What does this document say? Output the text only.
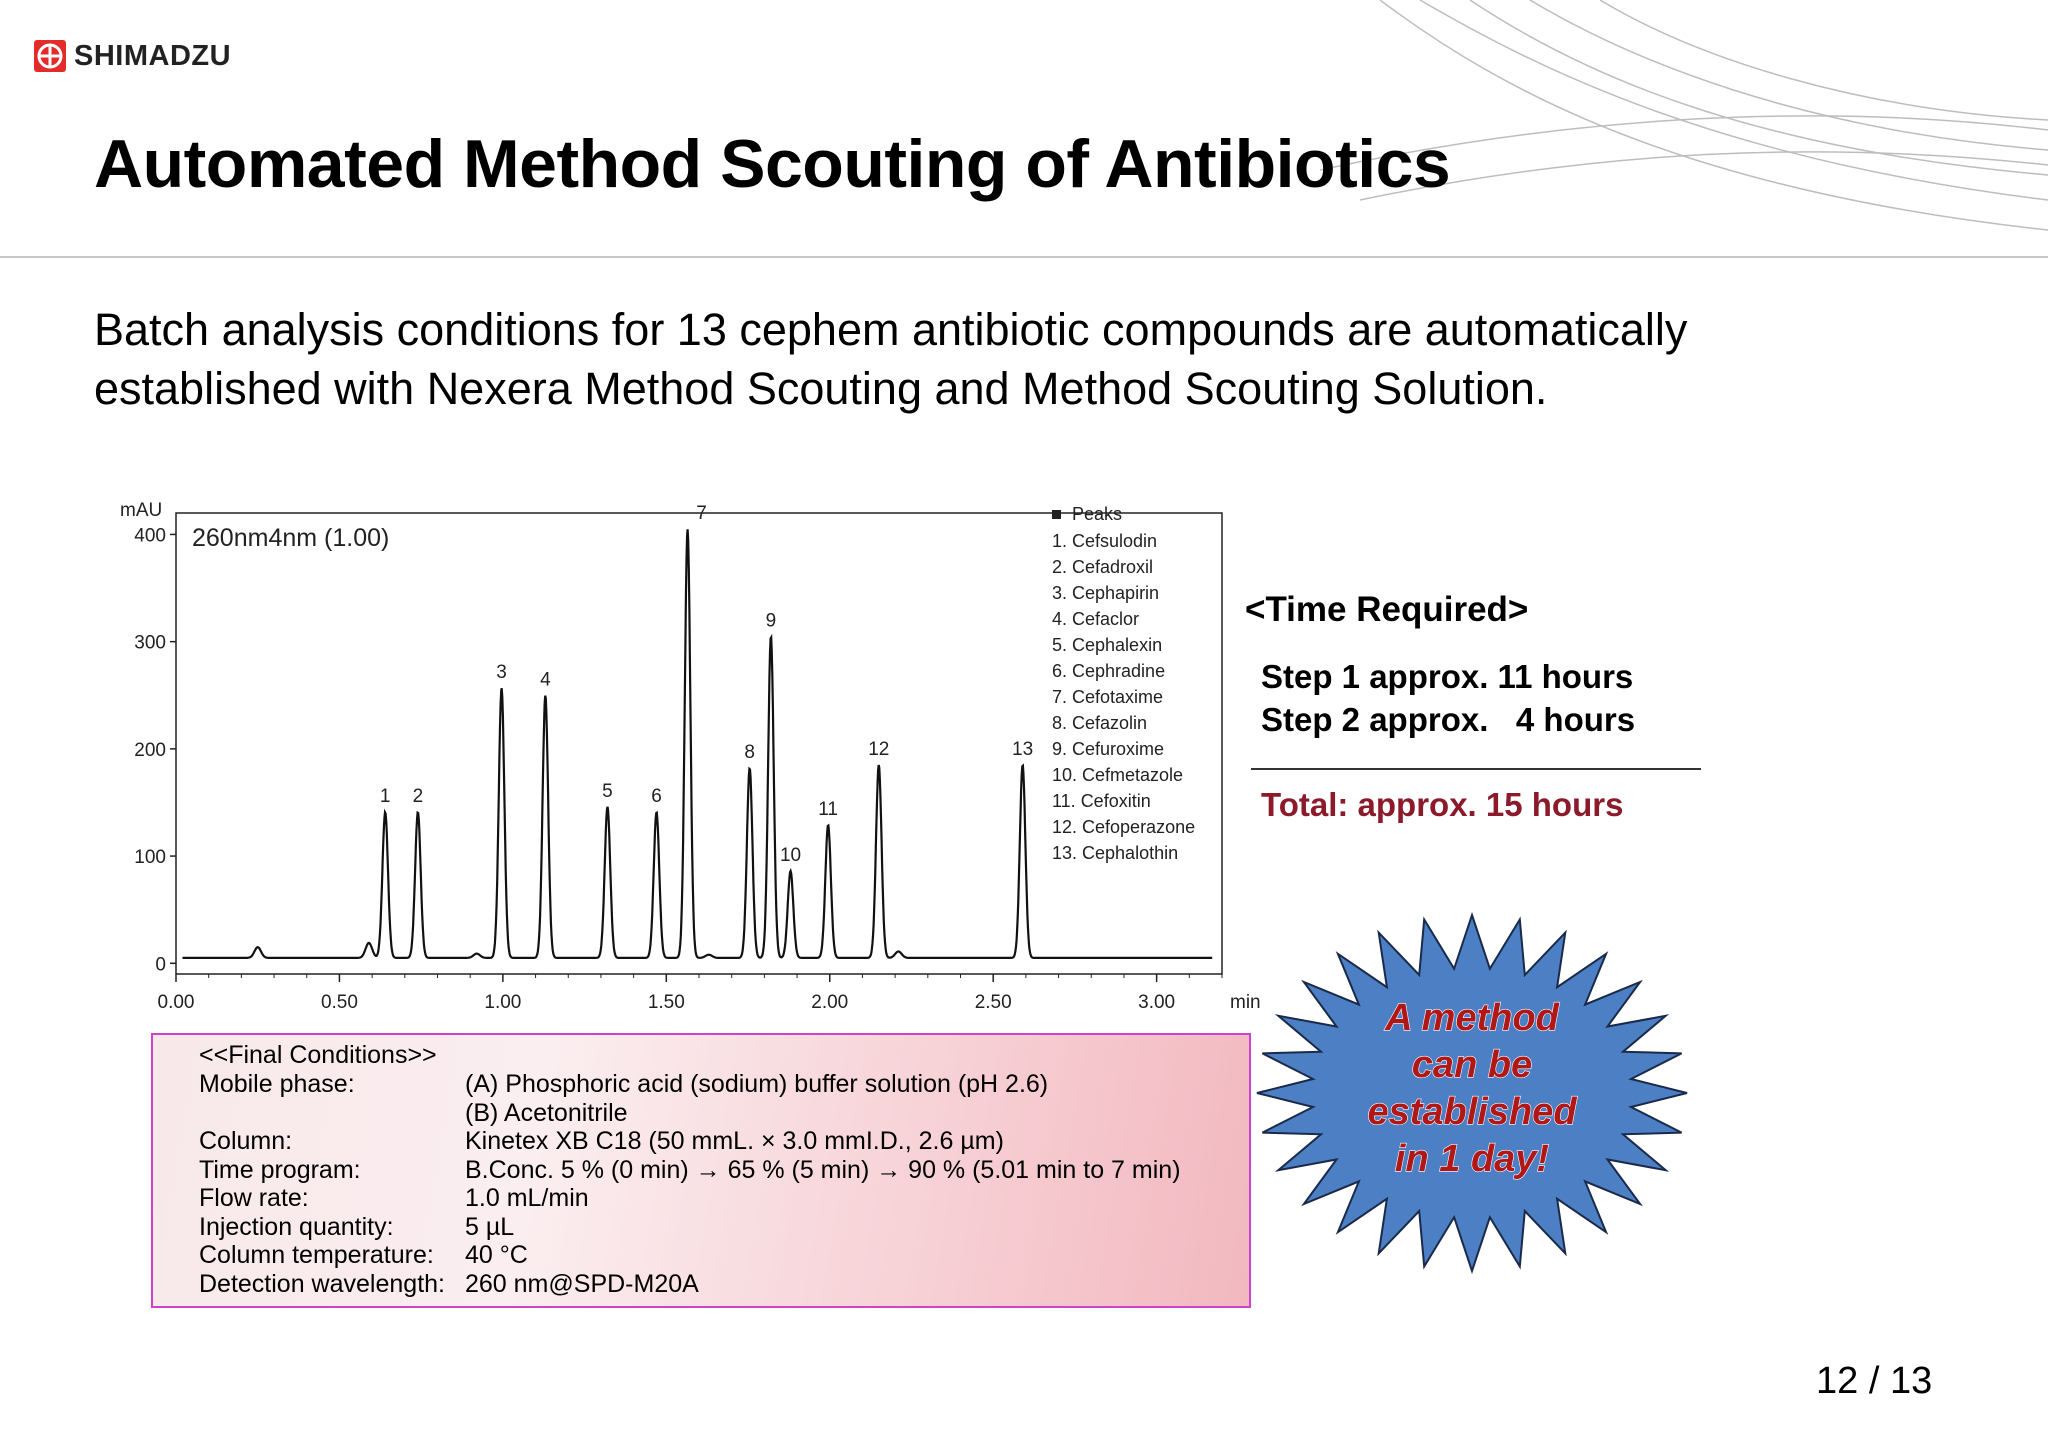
SHIMADZU
Automated Method Scouting of Antibiotics

Batch analysis conditions for 13 cephem antibiotic compounds are automatically established with Nexera Method Scouting and Method Scouting Solution.

0
100
200
300
400
0.00	0.50	1.00	1.50	2.00	2.50	3.00
1 2
3 4
5 6
7
8
9
10
11
12	13
Peaks
1. Cefsulodin
2. Cefadroxil
3. Cephapirin
4. Cefaclor
5. Cephalexin
6. Cephradine
7. Cefotaxime
8. Cefazolin
9. Cefuroxime
10. Cefmetazole
11. Cefoxitin
12. Cefoperazone
13. Cephalothin
260nm4nm (1.00)
mAU
min
<<Final Conditions>>
Mobile phase:	(A) Phosphoric acid (sodium) buffer solution (pH 2.6)
(B) Acetonitrile
Column:	Kinetex XB C18 (50 mmL. × 3.0 mmI.D., 2.6 µm)
Time program:	B.Conc. 5 % (0 min) → 65 % (5 min) → 90 % (5.01 min to 7 min)
Flow rate:	1.0 mL/min
Injection quantity:	5 µL
Column temperature: 40 °C
Detection wavelength: 260 nm@SPD-M20A
<Time Required>
Step 1 approx. 11 hours
Step 2 approx.   4 hours
Total: approx. 15 hours
A method
can be
established
in 1 day!
12 / 13
